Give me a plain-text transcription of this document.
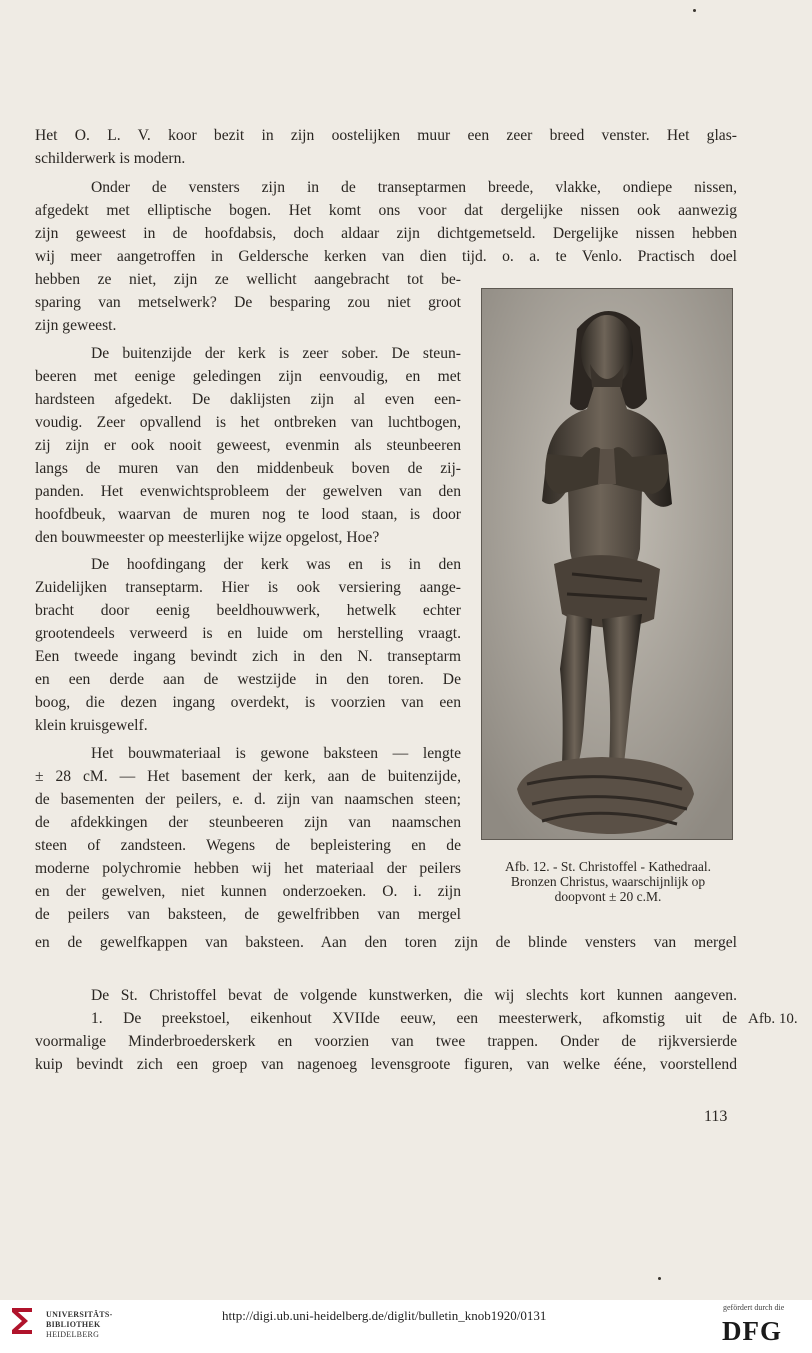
Het O. L. V. koor bezit in zijn oostelijken muur een zeer breed venster. Het glas-
schilderwerk is modern.
Onder de vensters zijn in de transeptarmen breede, vlakke, ondiepe nissen,
afgedekt met elliptische bogen. Het komt ons voor dat dergelijke nissen ook aanwezig
zijn geweest in de hoofdabsis, doch aldaar zijn dichtgemetseld. Dergelijke nissen hebben
wij meer aangetroffen in Geldersche kerken van dien tijd. o. a. te Venlo. Practisch doel
hebben ze niet, zijn ze wellicht aangebracht tot be-
sparing van metselwerk? De besparing zou niet groot
zijn geweest.
De buitenzijde der kerk is zeer sober. De steun-
beeren met eenige geledingen zijn eenvoudig, en met
hardsteen afgedekt. De daklijsten zijn al even een-
voudig. Zeer opvallend is het ontbreken van luchtbogen,
zij zijn er ook nooit geweest, evenmin als steunbeeren
langs de muren van den middenbeuk boven de zij-
panden. Het evenwichtsprobleem der gewelven van den
hoofdbeuk, waarvan de muren nog te lood staan, is door
den bouwmeester op meesterlijke wijze opgelost, Hoe?
De hoofdingang der kerk was en is in den
Zuidelijken transeptarm. Hier is ook versiering aange-
bracht door eenig beeldhouwwerk, hetwelk echter
grootendeels verweerd is en luide om herstelling vraagt.
Een tweede ingang bevindt zich in den N. transeptarm
en een derde aan de westzijde in den toren. De
boog, die dezen ingang overdekt, is voorzien van een
klein kruisgewelf.
Het bouwmateriaal is gewone baksteen — lengte
± 28 cM. — Het basement der kerk, aan de buitenzijde,
de basementen der peilers, e. d. zijn van naamschen steen;
de afdekkingen der steunbeeren zijn van naamschen
steen of zandsteen. Wegens de bepleistering en de
moderne polychromie hebben wij het materiaal der peilers
en der gewelven, niet kunnen onderzoeken. O. i. zijn
de peilers van baksteen, de gewelfribben van mergel
en de gewelfkappen van baksteen. Aan den toren zijn de blinde vensters van mergel
De St. Christoffel bevat de volgende kunstwerken, die wij slechts kort kunnen aangeven.
1. De preekstoel, eikenhout XVIIde eeuw, een meesterwerk, afkomstig uit de
voormalige Minderbroederskerk en voorzien van twee trappen. Onder de rijkversierde
kuip bevindt zich een groep van nagenoeg levensgroote figuren, van welke éénе, voorstellend
Afb. 10.
113
Afb. 12. - St. Christoffel - Kathedraal.
Bronzen Christus, waarschijnlijk op
doopvont ± 20 c.M.
UNIVERSITÄTS-
BIBLIOTHEK
HEIDELBERG
http://digi.ub.uni-heidelberg.de/diglit/bulletin_knob1920/0131
gefördert durch die
DFG
